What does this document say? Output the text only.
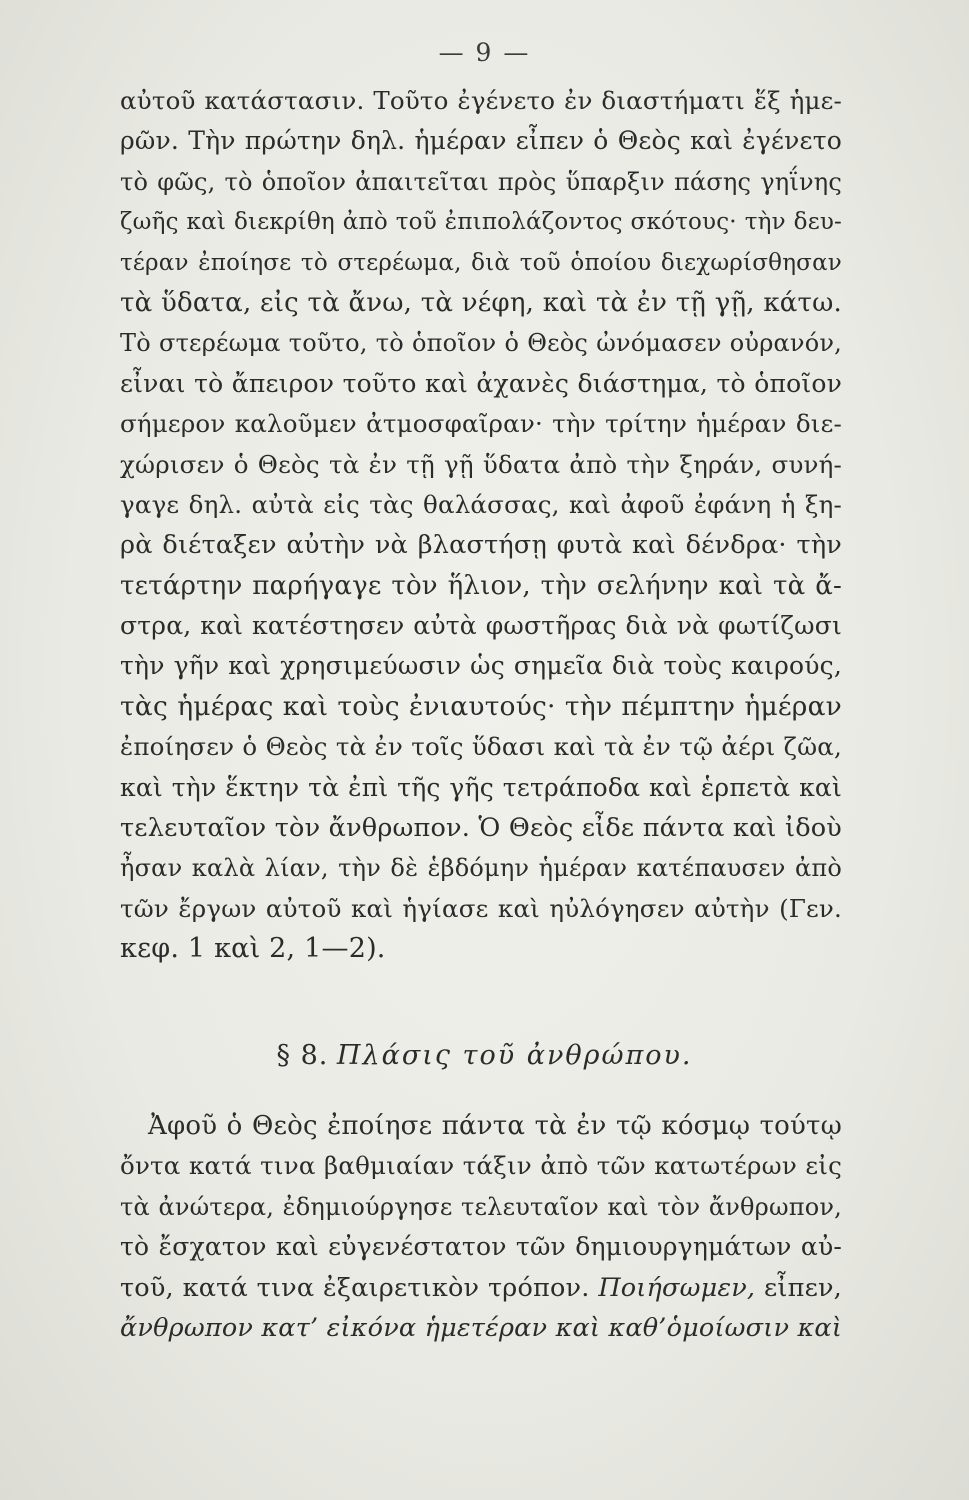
— 9 —
αὐτοῦ κατάστασιν. Τοῦτο ἐγένετο ἐν διαστήματι ἕξ ἡμε-
ρῶν. Τὴν πρώτην δηλ. ἡμέραν εἶπεν ὁ Θεὸς καὶ ἐγένετο
τὸ φῶς, τὸ ὁποῖον ἀπαιτεῖται πρὸς ὕπαρξιν πάσης γηΐνης
ζωῆς καὶ διεκρίθη ἀπὸ τοῦ ἐπιπολάζοντος σκότους· τὴν δευ-
τέραν ἐποίησε τὸ στερέωμα, διὰ τοῦ ὁποίου διεχωρίσθησαν
τὰ ὕδατα, εἰς τὰ ἄνω, τὰ νέφη, καὶ τὰ ἐν τῇ γῇ, κάτω.
Τὸ στερέωμα τοῦτο, τὸ ὁποῖον ὁ Θεὸς ὠνόμασεν οὐρανόν,
εἶναι τὸ ἄπειρον τοῦτο καὶ ἀχανὲς διάστημα, τὸ ὁποῖον
σήμερον καλοῦμεν ἀτμοσφαῖραν· τὴν τρίτην ἡμέραν διε-
χώρισεν ὁ Θεὸς τὰ ἐν τῇ γῇ ὕδατα ἀπὸ τὴν ξηράν, συνή-
γαγε δηλ. αὐτὰ εἰς τὰς θαλάσσας, καὶ ἀφοῦ ἐφάνη ἡ ξη-
ρὰ διέταξεν αὐτὴν νὰ βλαστήσῃ φυτὰ καὶ δένδρα· τὴν
τετάρτην παρήγαγε τὸν ἥλιον, τὴν σελήνην καὶ τὰ ἄ-
στρα, καὶ κατέστησεν αὐτὰ φωστῆρας διὰ νὰ φωτίζωσι
τὴν γῆν καὶ χρησιμεύωσιν ὡς σημεῖα διὰ τοὺς καιρούς,
τὰς ἡμέρας καὶ τοὺς ἐνιαυτούς· τὴν πέμπτην ἡμέραν
ἐποίησεν ὁ Θεὸς τὰ ἐν τοῖς ὕδασι καὶ τὰ ἐν τῷ ἀέρι ζῶα,
καὶ τὴν ἕκτην τὰ ἐπὶ τῆς γῆς τετράποδα καὶ ἑρπετὰ καὶ
τελευταῖον τὸν ἄνθρωπον. Ὁ Θεὸς εἶδε πάντα καὶ ἰδοὺ
ἦσαν καλὰ λίαν, τὴν δὲ ἑβδόμην ἡμέραν κατέπαυσεν ἀπὸ
τῶν ἔργων αὐτοῦ καὶ ἡγίασε καὶ ηὐλόγησεν αὐτὴν (Γεν.
κεφ. 1 καὶ 2, 1—2).
§ 8. Πλάσις τοῦ ἀνθρώπου.
Ἀφοῦ ὁ Θεὸς ἐποίησε πάντα τὰ ἐν τῷ κόσμῳ τούτῳ
ὄντα κατά τινα βαθμιαίαν τάξιν ἀπὸ τῶν κατωτέρων εἰς
τὰ ἀνώτερα, ἐδημιούργησε τελευταῖον καὶ τὸν ἄνθρωπον,
τὸ ἔσχατον καὶ εὐγενέστατον τῶν δημιουργημάτων αὐ-
τοῦ, κατά τινα ἐξαιρετικὸν τρόπον. Ποιήσωμεν, εἶπεν,
ἄνθρωπον κατ’ εἰκόνα ἡμετέραν καὶ καθ’ὁμοίωσιν καὶ
